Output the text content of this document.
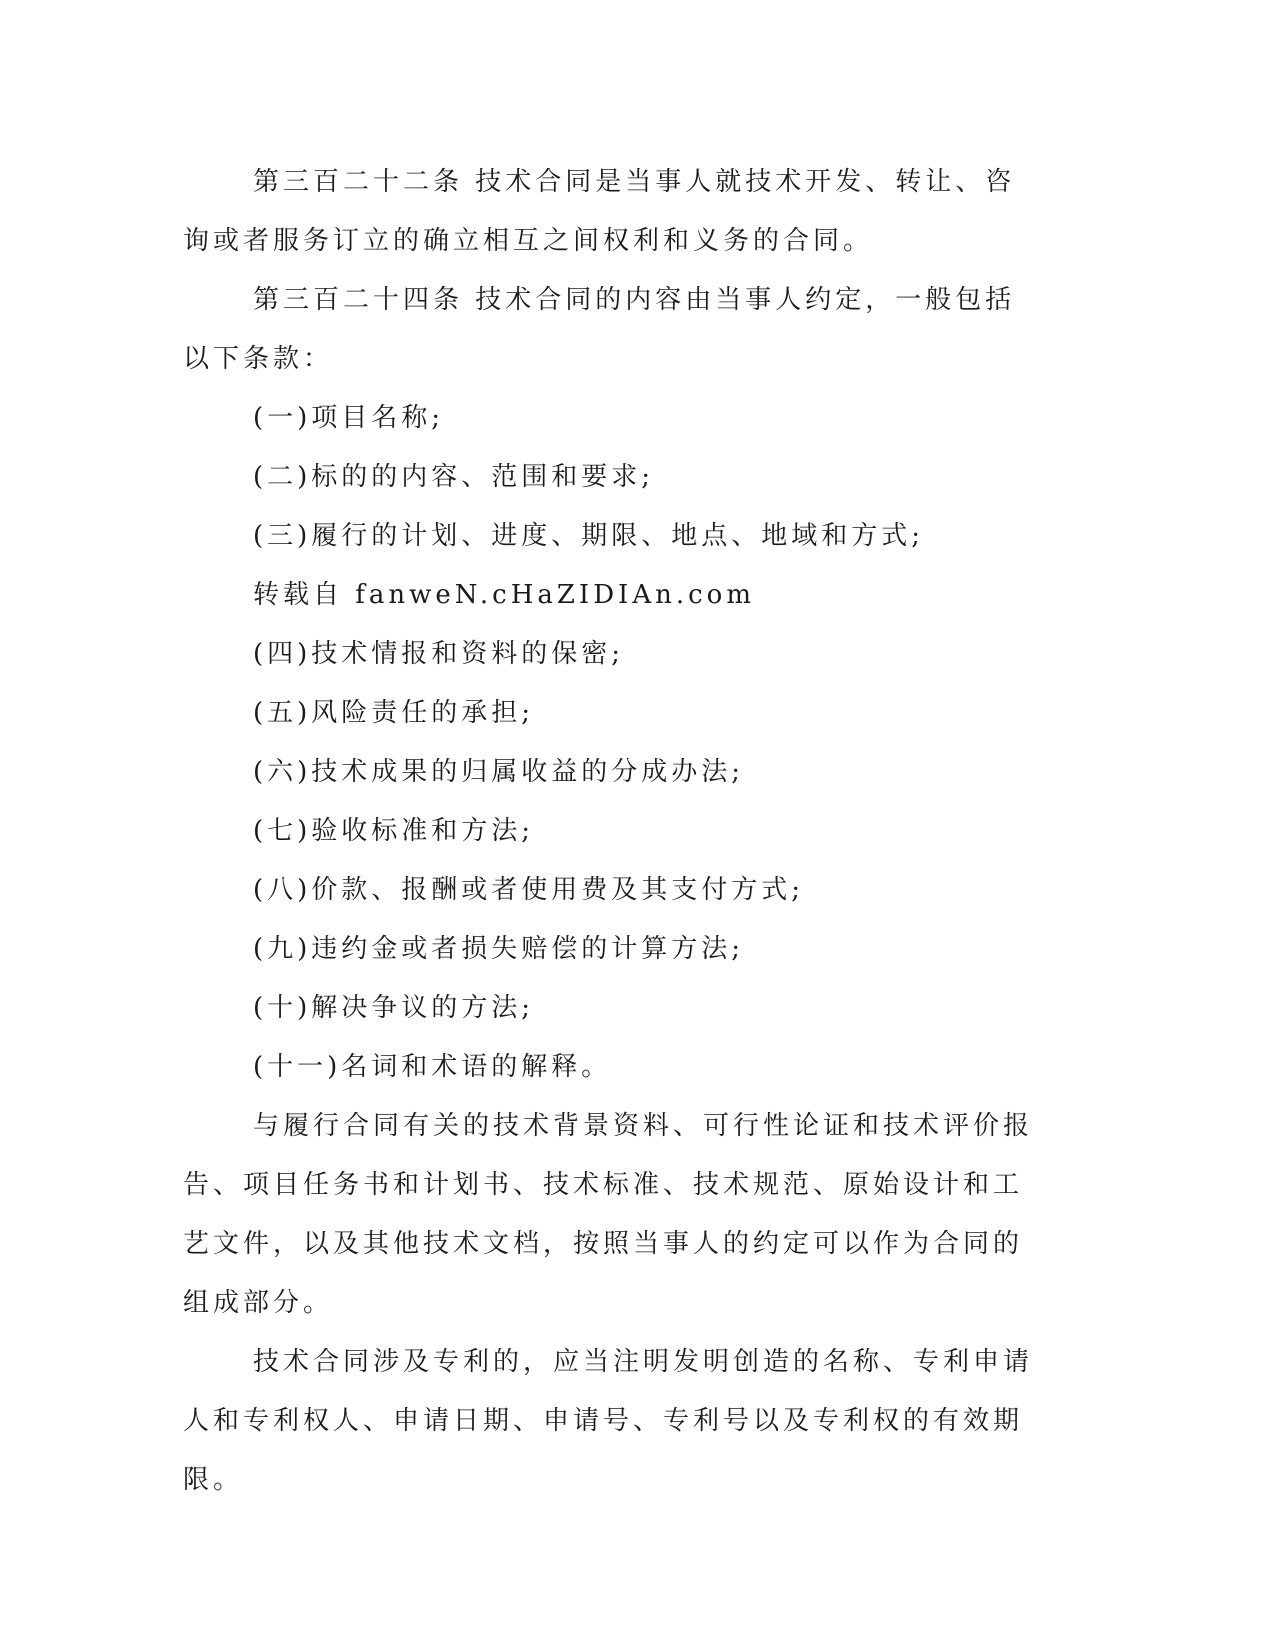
第三百二十二条 技术合同是当事人就技术开发、转让、咨询或者服务订立的确立相互之间权利和义务的合同。

第三百二十四条 技术合同的内容由当事人约定，一般包括以下条款：

(一)项目名称;

(二)标的的内容、范围和要求;

(三)履行的计划、进度、期限、地点、地域和方式;

转载自 fanweN.cHaZIDIAn.com

(四)技术情报和资料的保密;

(五)风险责任的承担;

(六)技术成果的归属收益的分成办法;

(七)验收标准和方法;

(八)价款、报酬或者使用费及其支付方式;

(九)违约金或者损失赔偿的计算方法;

(十)解决争议的方法;

(十一)名词和术语的解释。

与履行合同有关的技术背景资料、可行性论证和技术评价报告、项目任务书和计划书、技术标准、技术规范、原始设计和工艺文件，以及其他技术文档，按照当事人的约定可以作为合同的组成部分。

技术合同涉及专利的，应当注明发明创造的名称、专利申请人和专利权人、申请日期、申请号、专利号以及专利权的有效期限。
